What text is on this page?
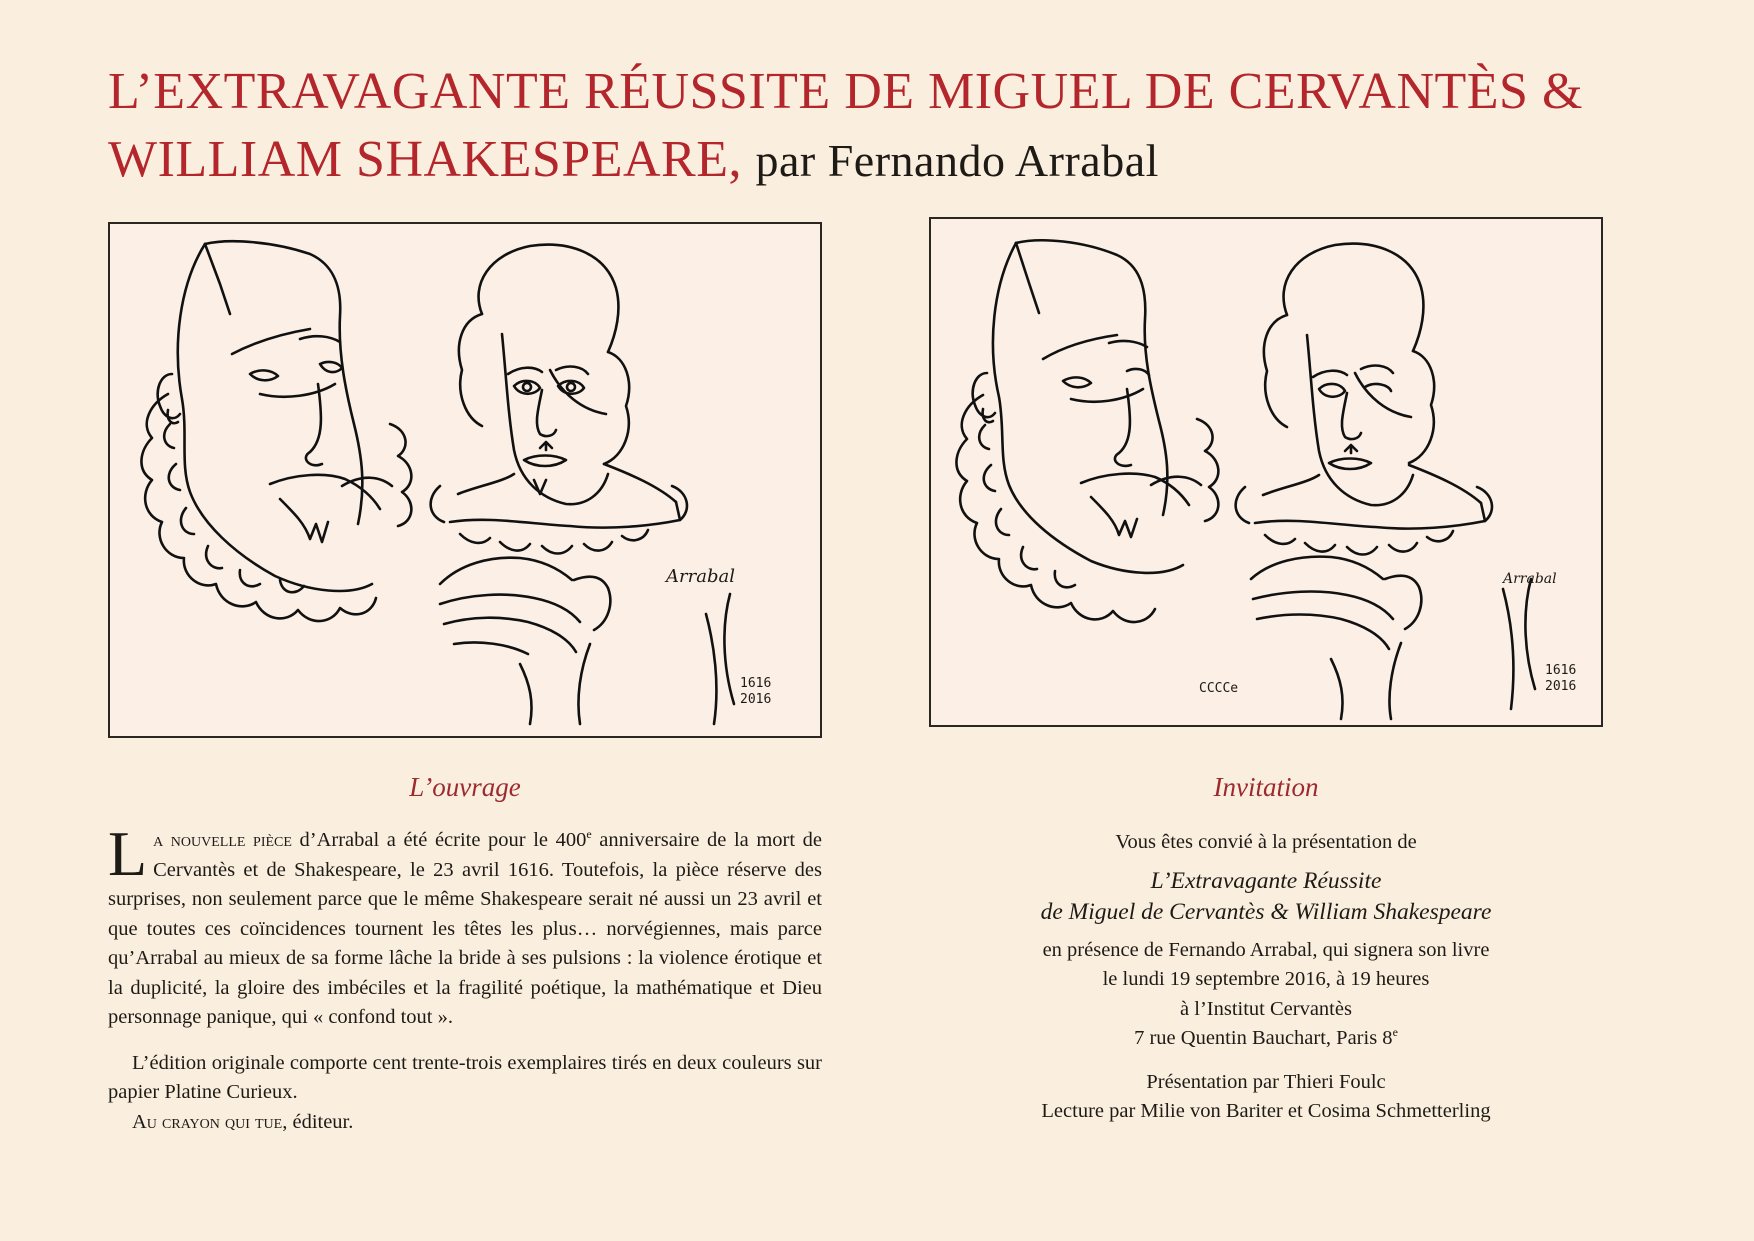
L’EXTRAVAGANTE RÉUSSITE DE MIGUEL DE CERVANTÈS &
WILLIAM SHAKESPEARE, par Fernando Arrabal
Arrabal
1616
2016
Arrabal
CCCCe
1616
2016
L’ouvrage

La nouvelle pièce d’Arrabal a été écrite pour le 400e anniversaire de la mort de Cervantès et de Shakespeare, le 23 avril 1616. Toutefois, la pièce réserve des surprises, non seulement parce que le même Shakespeare serait né aussi un 23 avril et que toutes ces coïncidences tournent les têtes les plus… norvégiennes, mais parce qu’Arrabal au mieux de sa forme lâche la bride à ses pulsions : la violence érotique et la duplicité, la gloire des imbéciles et la fragilité poétique, la mathématique et Dieu personnage panique, qui « confond tout ».

L’édition originale comporte cent trente-trois exemplaires tirés en deux couleurs sur papier Platine Curieux.

Au crayon qui tue, éditeur.

Invitation
Vous êtes convié à la présentation de
L’Extravagante Réussite
de Miguel de Cervantès & William Shakespeare
en présence de Fernando Arrabal, qui signera son livre
le lundi 19 septembre 2016, à 19 heures
à l’Institut Cervantès
7 rue Quentin Bauchart, Paris 8e
Présentation par Thieri Foulc
Lecture par Milie von Bariter et Cosima Schmetterling
